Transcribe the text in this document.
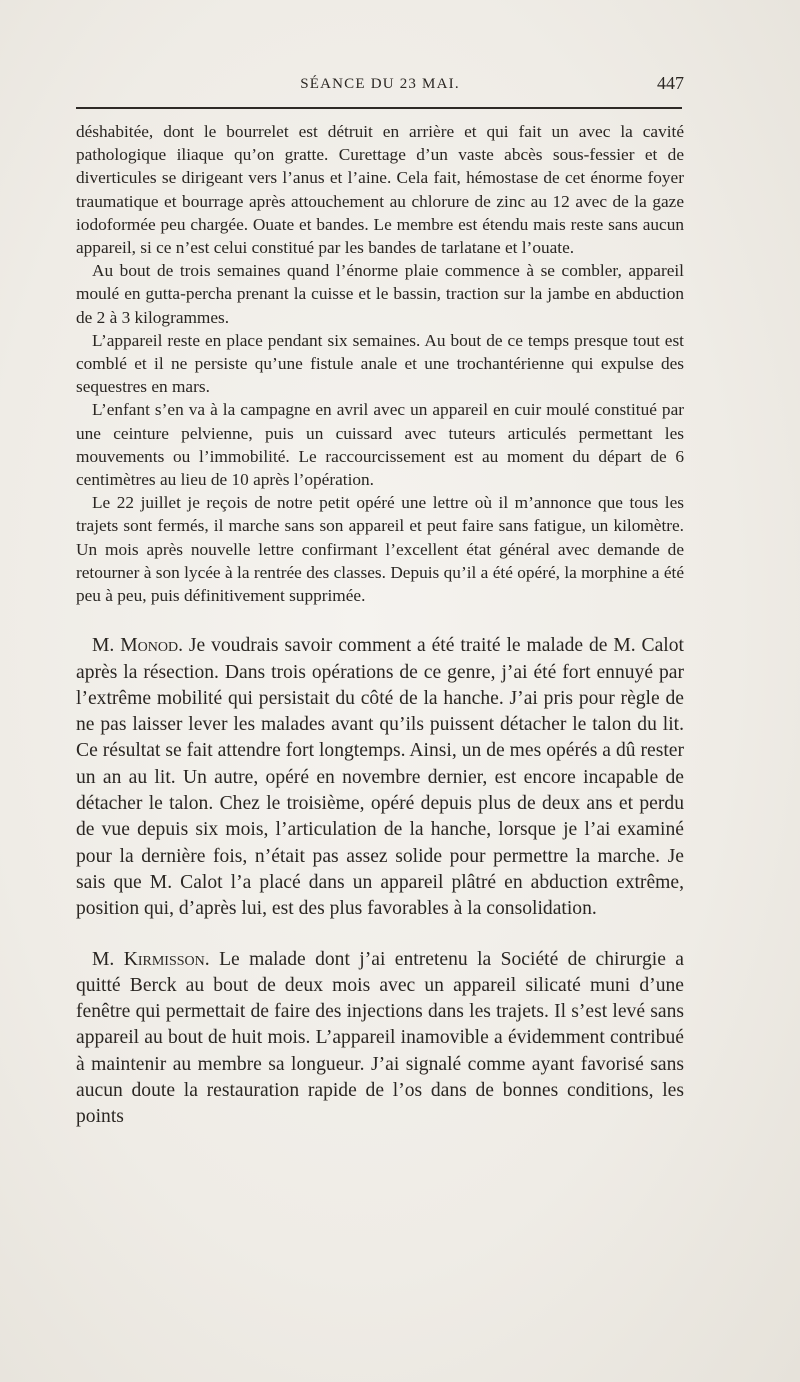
SÉANCE DU 23 MAI.	447

déshabitée, dont le bourrelet est détruit en arrière et qui fait un avec la cavité pathologique iliaque qu’on gratte. Curettage d’un vaste abcès sous-fessier et de diverticules se dirigeant vers l’anus et l’aine. Cela fait, hémostase de cet énorme foyer traumatique et bourrage après attouchement au chlorure de zinc au 12 avec de la gaze iodoformée peu chargée. Ouate et bandes. Le membre est étendu mais reste sans aucun appareil, si ce n’est celui constitué par les bandes de tarlatane et l’ouate.

Au bout de trois semaines quand l’énorme plaie commence à se combler, appareil moulé en gutta-percha prenant la cuisse et le bassin, traction sur la jambe en abduction de 2 à 3 kilogrammes.

L’appareil reste en place pendant six semaines. Au bout de ce temps presque tout est comblé et il ne persiste qu’une fistule anale et une trochantérienne qui expulse des sequestres en mars.

L’enfant s’en va à la campagne en avril avec un appareil en cuir moulé constitué par une ceinture pelvienne, puis un cuissard avec tuteurs articulés permettant les mouvements ou l’immobilité. Le raccourcissement est au moment du départ de 6 centimètres au lieu de 10 après l’opération.

Le 22 juillet je reçois de notre petit opéré une lettre où il m’annonce que tous les trajets sont fermés, il marche sans son appareil et peut faire sans fatigue, un kilomètre. Un mois après nouvelle lettre confirmant l’excellent état général avec demande de retourner à son lycée à la rentrée des classes. Depuis qu’il a été opéré, la morphine a été peu à peu, puis définitivement supprimée.

M. Monod. Je voudrais savoir comment a été traité le malade de M. Calot après la résection. Dans trois opérations de ce genre, j’ai été fort ennuyé par l’extrême mobilité qui persistait du côté de la hanche. J’ai pris pour règle de ne pas laisser lever les malades avant qu’ils puissent détacher le talon du lit. Ce résultat se fait attendre fort longtemps. Ainsi, un de mes opérés a dû rester un an au lit. Un autre, opéré en novembre dernier, est encore incapable de détacher le talon. Chez le troisième, opéré depuis plus de deux ans et perdu de vue depuis six mois, l’articulation de la hanche, lorsque je l’ai examiné pour la dernière fois, n’était pas assez solide pour permettre la marche. Je sais que M. Calot l’a placé dans un appareil plâtré en abduction extrême, position qui, d’après lui, est des plus favorables à la consolidation.

M. Kirmisson. Le malade dont j’ai entretenu la Société de chirurgie a quitté Berck au bout de deux mois avec un appareil silicaté muni d’une fenêtre qui permettait de faire des injections dans les trajets. Il s’est levé sans appareil au bout de huit mois. L’appareil inamovible a évidemment contribué à maintenir au membre sa longueur. J’ai signalé comme ayant favorisé sans aucun doute la restauration rapide de l’os dans de bonnes conditions, les points
